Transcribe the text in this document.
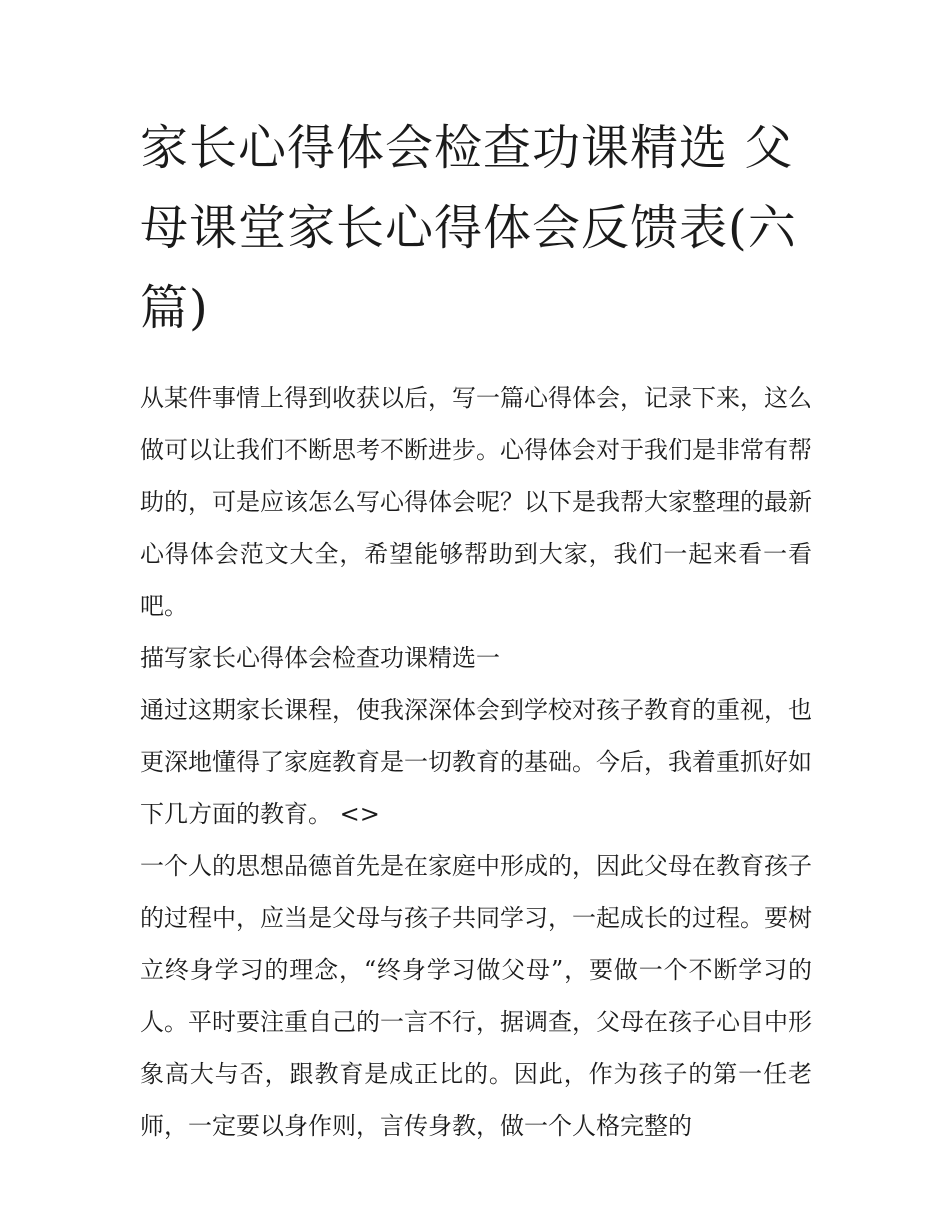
家长心得体会检查功课精选 父母课堂家长心得体会反馈表(六篇)

从某件事情上得到收获以后，写一篇心得体会，记录下来，这么做可以让我们不断思考不断进步。心得体会对于我们是非常有帮助的，可是应该怎么写心得体会呢？以下是我帮大家整理的最新心得体会范文大全，希望能够帮助到大家，我们一起来看一看吧。

描写家长心得体会检查功课精选一

通过这期家长课程，使我深深体会到学校对孩子教育的重视，也更深地懂得了家庭教育是一切教育的基础。今后，我着重抓好如下几方面的教育。 <>

一个人的思想品德首先是在家庭中形成的，因此父母在教育孩子的过程中，应当是父母与孩子共同学习，一起成长的过程。要树立终身学习的理念，“终身学习做父母”，要做一个不断学习的人。平时要注重自己的一言不行，据调查，父母在孩子心目中形象高大与否，跟教育是成正比的。因此，作为孩子的第一任老师，一定要以身作则，言传身教，做一个人格完整的
